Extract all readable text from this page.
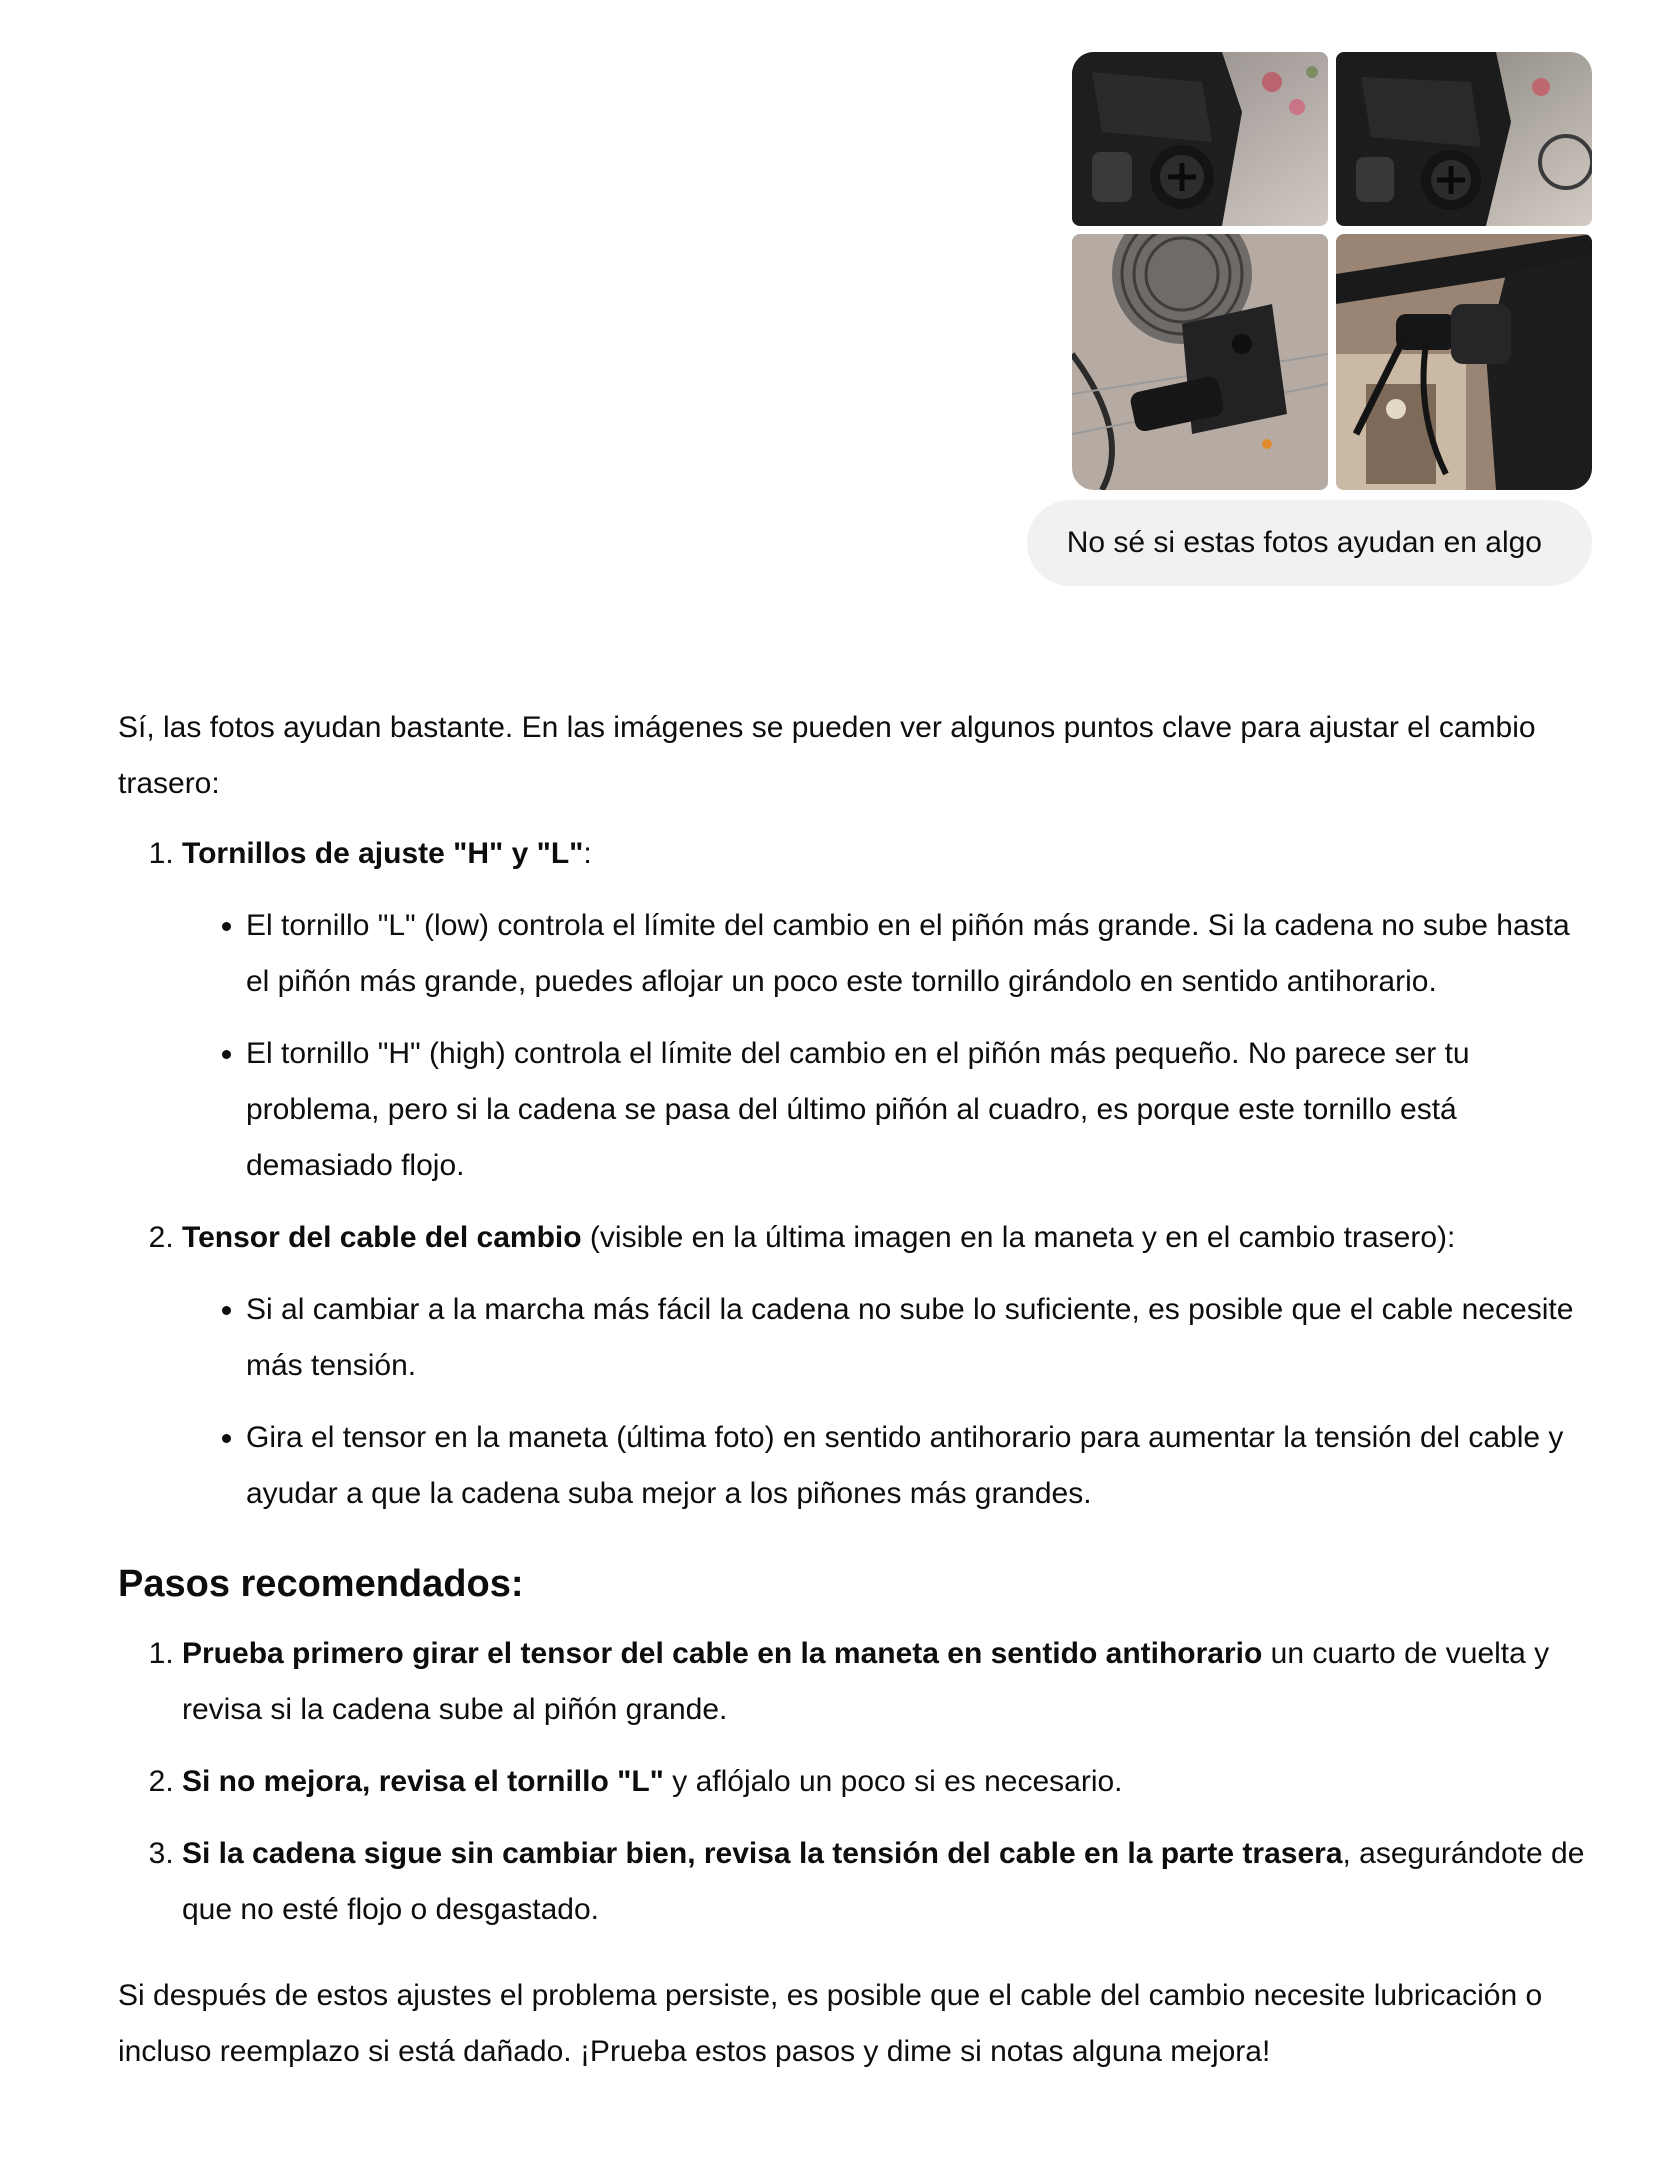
No sé si estas fotos ayudan en algo

Sí, las fotos ayudan bastante. En las imágenes se pueden ver algunos puntos clave para ajustar el cambio trasero:

1. Tornillos de ajuste "H" y "L":
• El tornillo "L" (low) controla el límite del cambio en el piñón más grande. Si la cadena no sube hasta el piñón más grande, puedes aflojar un poco este tornillo girándolo en sentido antihorario.
• El tornillo "H" (high) controla el límite del cambio en el piñón más pequeño. No parece ser tu problema, pero si la cadena se pasa del último piñón al cuadro, es porque este tornillo está demasiado flojo.
2. Tensor del cable del cambio (visible en la última imagen en la maneta y en el cambio trasero):
• Si al cambiar a la marcha más fácil la cadena no sube lo suficiente, es posible que el cable necesite más tensión.
• Gira el tensor en la maneta (última foto) en sentido antihorario para aumentar la tensión del cable y ayudar a que la cadena suba mejor a los piñones más grandes.
Pasos recomendados:
1. Prueba primero girar el tensor del cable en la maneta en sentido antihorario un cuarto de vuelta y revisa si la cadena sube al piñón grande.
2. Si no mejora, revisa el tornillo "L" y aflójalo un poco si es necesario.
3. Si la cadena sigue sin cambiar bien, revisa la tensión del cable en la parte trasera, asegurándote de que no esté flojo o desgastado.

Si después de estos ajustes el problema persiste, es posible que el cable del cambio necesite lubricación o incluso reemplazo si está dañado. ¡Prueba estos pasos y dime si notas alguna mejora!
